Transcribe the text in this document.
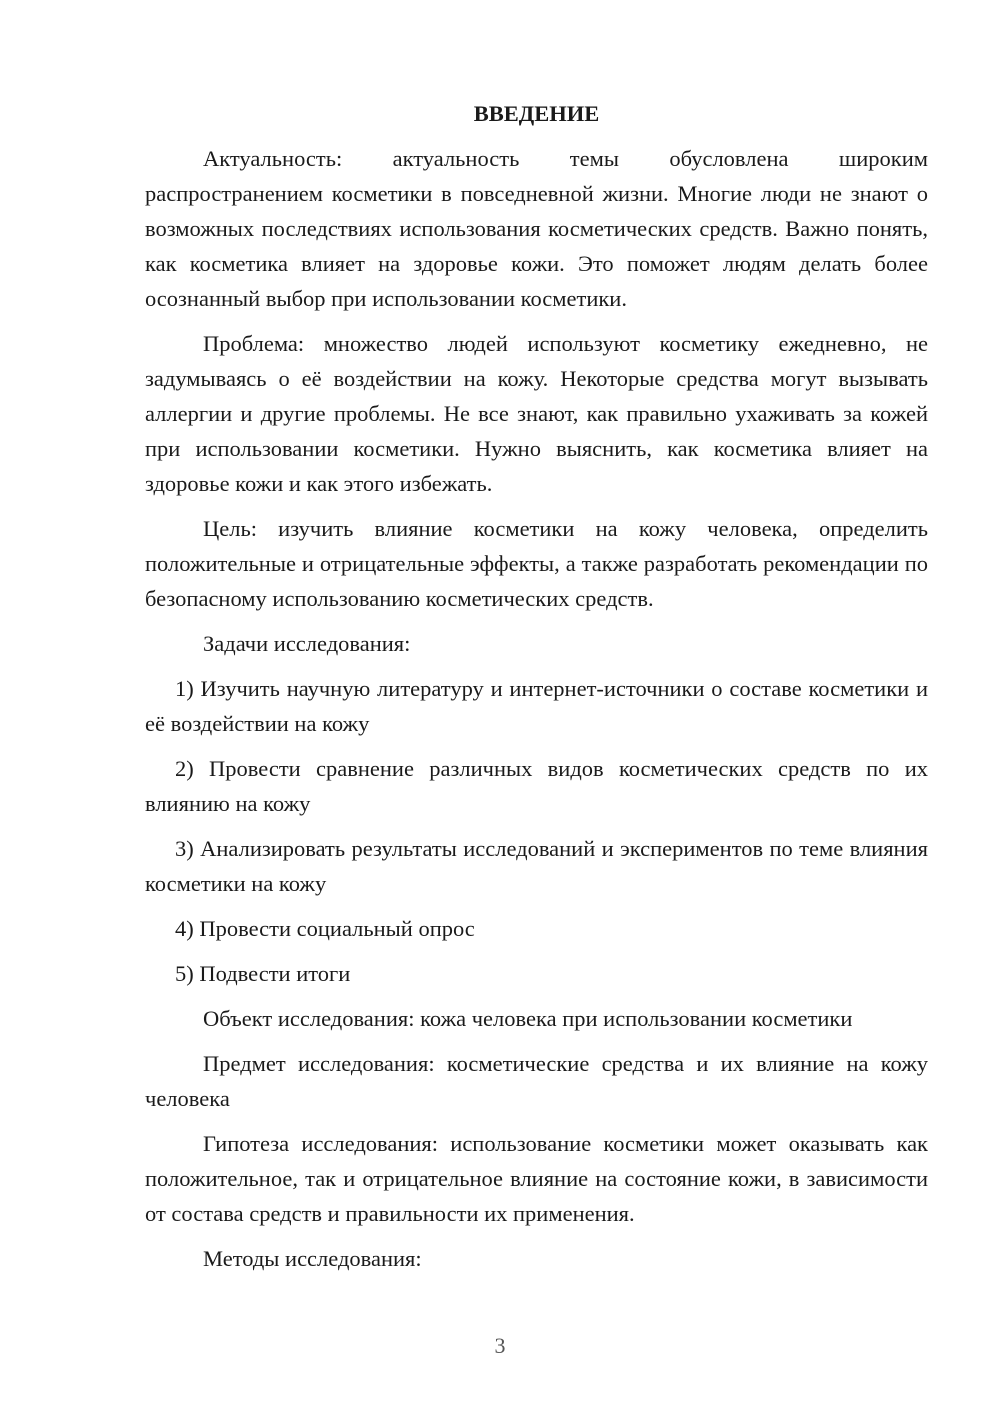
ВВЕДЕНИЕ

Актуальность: актуальность темы обусловлена широким распространением косметики в повседневной жизни. Многие люди не знают о возможных последствиях использования косметических средств. Важно понять, как косметика влияет на здоровье кожи. Это поможет людям делать более осознанный выбор при использовании косметики.

Проблема: множество людей используют косметику ежедневно, не задумываясь о её воздействии на кожу. Некоторые средства могут вызывать аллергии и другие проблемы. Не все знают, как правильно ухаживать за кожей при использовании косметики. Нужно выяснить, как косметика влияет на здоровье кожи и как этого избежать.

Цель: изучить влияние косметики на кожу человека, определить положительные и отрицательные эффекты, а также разработать рекомендации по безопасному использованию косметических средств.

Задачи исследования:

1) Изучить научную литературу и интернет-источники о составе косметики и её воздействии на кожу

2) Провести сравнение различных видов косметических средств по их влиянию на кожу

3) Анализировать результаты исследований и экспериментов по теме влияния косметики на кожу

4) Провести социальный опрос

5) Подвести итоги

Объект исследования: кожа человека при использовании косметики

Предмет исследования: косметические средства и их влияние на кожу человека

Гипотеза исследования: использование косметики может оказывать как положительное, так и отрицательное влияние на состояние кожи, в зависимости от состава средств и правильности их применения.

Методы исследования:

3
